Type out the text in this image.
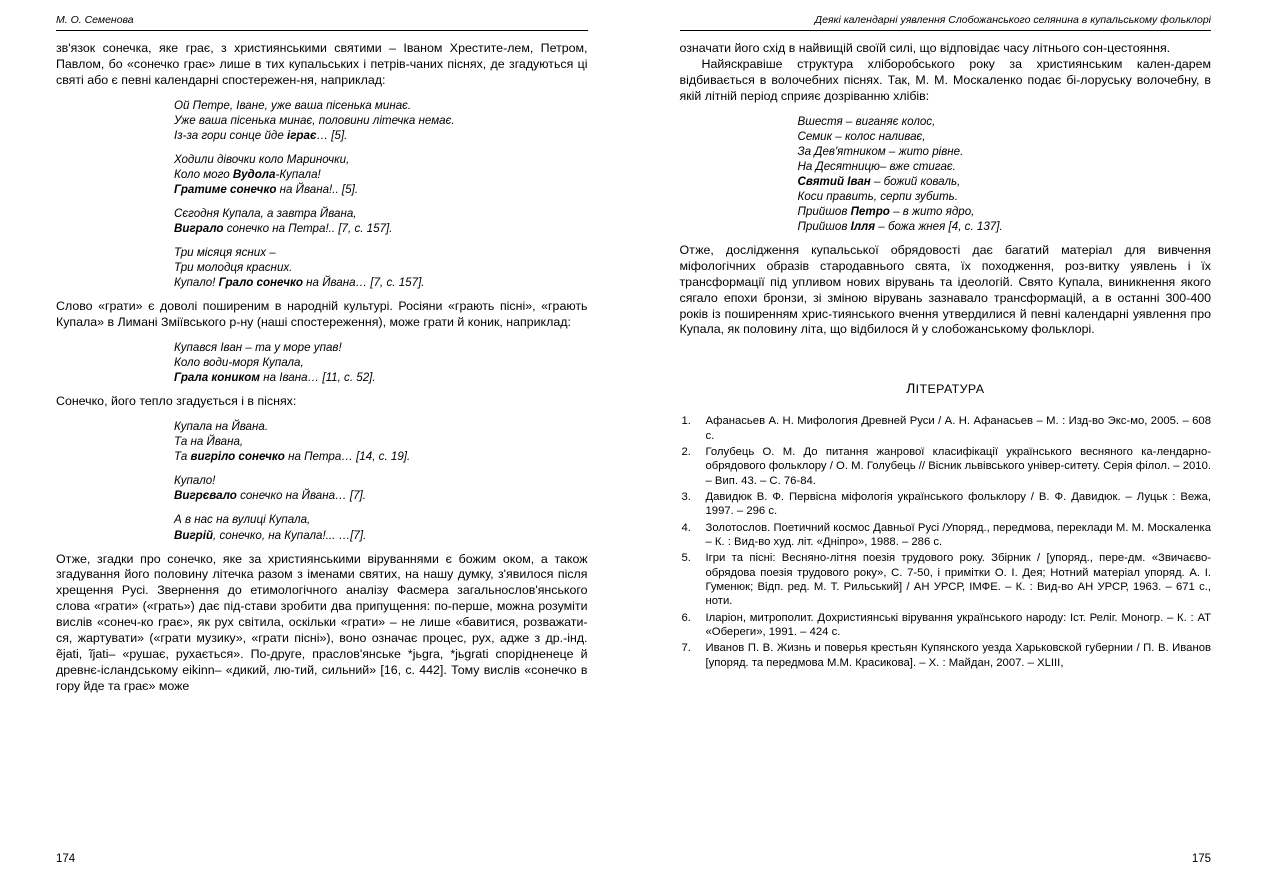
М. О. Семенова

зв'язок сонечка, яке грає, з християнськими святими – Іваном Хрестите-лем, Петром, Павлом, бо «сонечко грає» лише в тих купальських і петрів-чаних піснях, де згадуються ці святі або є певні календарні спостережен-ня, наприклад:

Ой Петре, Іване, уже ваша пісенька минає.
Уже ваша пісенька минає, половини літечка немає.
Із-за гори сонце йде іграє… [5].
Ходили дівочки коло Мариночки,
Коло мого Вудола-Купала!
Гратиме сонечко на Йвана!.. [5].
Сєгодня Купала, а завтра Йвана,
Виграло сонечко на Петра!.. [7, с. 157].
Три місяця ясних –
Три молодця красних.
Купало! Грало сонечко на Йвана… [7, с. 157].

Слово «грати» є доволі поширеним в народній культурі. Росіяни «грають пісні», «грають Купала» в Лимані Зміївського р-ну (наші спостереження), може грати й коник, наприклад:

Купався Іван – та у море упав!
Коло води-моря Купала,
Грала коником на Івана… [11, с. 52].

Сонечко, його тепло згадується і в піснях:

Купала на Йвана.
Та на Йвана,
Та вигріло сонечко на Петра… [14, с. 19].
Купало!
Вигрєвало сонечко на Йвана… [7].
А в нас на вулиці Купала,
Вигрій, сонечко, на Купала!... …[7].

Отже, згадки про сонечко, яке за християнськими віруваннями є божим оком, а також згадування його половину літечка разом з іменами святих, на нашу думку, з'явилося після хрещення Русі. Звернення до етимологічного аналізу Фасмера загальнослов'янського слова «грати» («грать») дає під-стави зробити два припущення: по-перше, можна розуміти вислів «сонеч-ко грає», як рух світила, оскільки «грати» – не лише «бавитися, розважати-ся, жартувати» («грати музику», «грати пісні»), воно означає процес, рух, адже з др.-інд. ẽjati, ĩjati– «рушає, рухається». По-друге, праслов'янське *jьgra, *jьgrati спорідненеце й древнє-ісландському eikinn– «дикий, лю-тий, сильний» [16, с. 442]. Тому вислів «сонечко в гору йде та грає» може

174
Деякі календарні уявлення Слобожанського селянина в купальському фольклорі

означати його схід в найвищій своїй силі, що відповідає часу літнього сон-цестояння.

Найяскравіше структура хліборобського року за християнським кален-дарем відбивається в волочебних піснях. Так, М. М. Москаленко подає бі-лоруську волочебну, в якій літній період сприяє дозріванню хлібів:

Вшестя – виганяє колос,
Семик – колос наливає,
За Дев'ятником – жито рівне.
На Десятницю– вже стигає.
Святий Іван – божий коваль,
Коси править, серпи зубить.
Прийшов Петро – в жито ядро,
Прийшов Ілля – божа жнея [4, с. 137].

Отже, дослідження купальської обрядовості дає багатий матеріал для вивчення міфологічних образів стародавнього свята, їх походження, роз-витку уявлень і їх трансформації під упливом нових вірувань та ідеологій. Свято Купала, виникнення якого сягало епохи бронзи, зі зміною вірувань зазнавало трансформацій, а в останні 300-400 років із поширенням хрис-тиянського вчення утвердилися й певні календарні уявлення про Купала, як половину літа, що відбилося й у слобожанському фольклорі.

ЛІТЕРАТУРА
Афанасьев А. Н. Мифология Древней Руси / А. Н. Афанасьев – М. : Изд-во Экс-мо, 2005. – 608 с.
Голубець О. М. До питання жанрової класифікації українського весняного ка-лендарно-обрядового фольклору / О. М. Голубець // Вісник львівського універ-ситету. Серія філол. – 2010. – Вип. 43. – С. 76-84.
Давидюк В. Ф. Первісна міфологія українського фольклору / В. Ф. Давидюк. – Луцьк : Вежа, 1997. – 296 с.
Золотослов. Поетичний космос Давньої Русі /Упоряд., передмова, переклади М. М. Москаленка – К. : Вид-во худ. літ. «Дніпро», 1988. – 286 с.
Ігри та пісні: Весняно-літня поезія трудового року. Збірник / [упоряд., пере-дм. «Звичаєво-обрядова поезія трудового року», С. 7-50, і примітки О. І. Дея; Нотний матеріал упоряд. А. І. Гуменюк; Відп. ред. М. Т. Рильський] / АН УРСР, ІМФЕ. – К. : Вид-во АН УРСР, 1963. – 671 с., ноти.
Іларіон, митрополит. Дохристиянські вірування українського народу: Іст. Реліг. Моногр. – К. : АТ «Обереги», 1991. – 424 с.
Иванов П. В. Жизнь и поверья крестьян Купянского уезда Харьковской губернии / П. В. Иванов [упоряд. та передмова М.М. Красикова]. – Х. : Майдан, 2007. – XLIII,
175
